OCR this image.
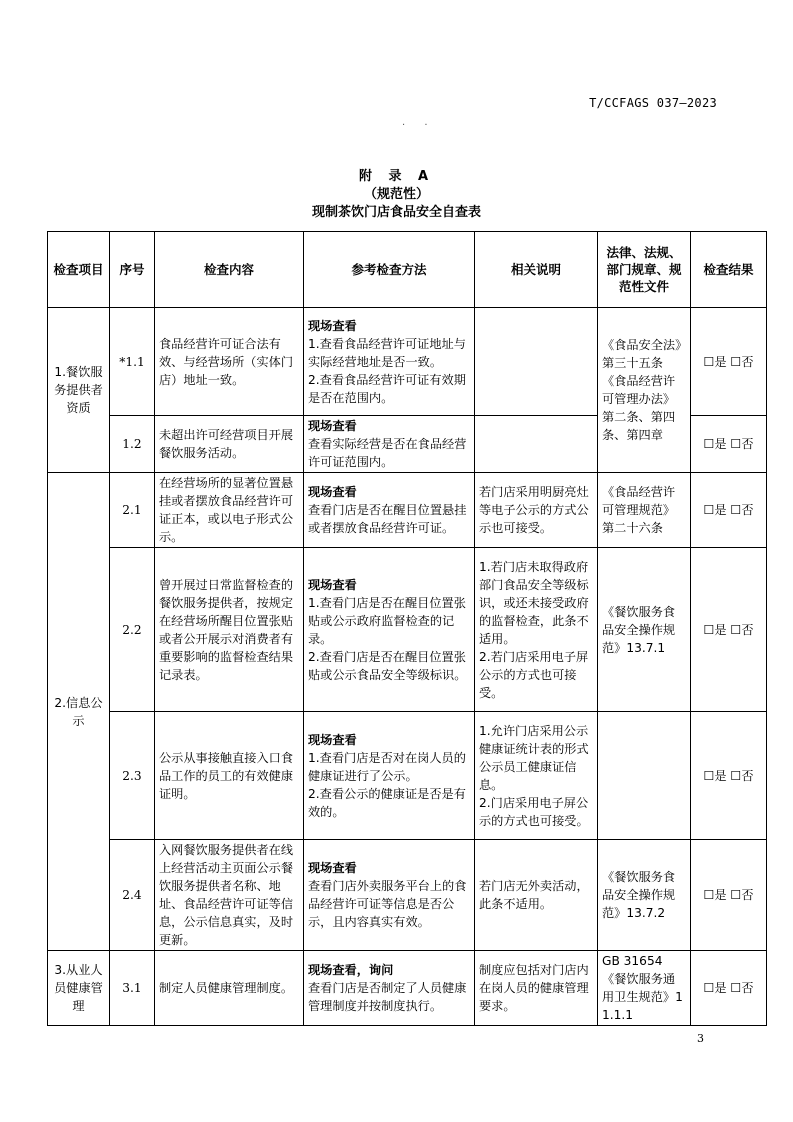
T/CCFAGS 037—2023
· ·
附 录 A
（规范性）
现制茶饮门店食品安全自查表
检查项目	序号	检查内容	参考检查方法	相关说明	法律、法规、部门规章、规范性文件	检查结果
1.餐饮服务提供者资质	*1.1	食品经营许可证合法有效、与经营场所（实体门店）地址一致。	现场查看
1.查看食品经营许可证地址与实际经营地址是否一致。
2.查看食品经营许可证有效期是否在范围内。		《食品安全法》第三十五条
《食品经营许可管理办法》第二条、第四条、第四章	☐是 ☐否
	1.2	未超出许可经营项目开展餐饮服务活动。	现场查看
查看实际经营是否在食品经营许可证范围内。			☐是 ☐否
2.信息公示	2.1	在经营场所的显著位置悬挂或者摆放食品经营许可证正本，或以电子形式公示。	现场查看
查看门店是否在醒目位置悬挂或者摆放食品经营许可证。	若门店采用明厨亮灶等电子公示的方式公示也可接受。	《食品经营许可管理规范》第二十六条	☐是 ☐否
	2.2	曾开展过日常监督检查的餐饮服务提供者，按规定在经营场所醒目位置张贴或者公开展示对消费者有重要影响的监督检查结果记录表。	现场查看
1.查看门店是否在醒目位置张贴或公示政府监督检查的记录。
2.查看门店是否在醒目位置张贴或公示食品安全等级标识。	1.若门店未取得政府部门食品安全等级标识，或还未接受政府的监督检查，此条不适用。
2.若门店采用电子屏公示的方式也可接受。	《餐饮服务食品安全操作规范》13.7.1	☐是 ☐否
	2.3	公示从事接触直接入口食品工作的员工的有效健康证明。	现场查看
1.查看门店是否对在岗人员的健康证进行了公示。
2.查看公示的健康证是否是有效的。	1.允许门店采用公示健康证统计表的形式公示员工健康证信息。
2.门店采用电子屏公示的方式也可接受。		☐是 ☐否
	2.4	入网餐饮服务提供者在线上经营活动主页面公示餐饮服务提供者名称、地址、食品经营许可证等信息，公示信息真实，及时更新。	现场查看
查看门店外卖服务平台上的食品经营许可证等信息是否公示，且内容真实有效。	若门店无外卖活动，此条不适用。	《餐饮服务食品安全操作规范》13.7.2	☐是 ☐否
3.从业人员健康管理	3.1	制定人员健康管理制度。	现场查看，询问
查看门店是否制定了人员健康管理制度并按制度执行。	制度应包括对门店内在岗人员的健康管理要求。	GB 31654
《餐饮服务通用卫生规范》11.1.1	☐是 ☐否
3
